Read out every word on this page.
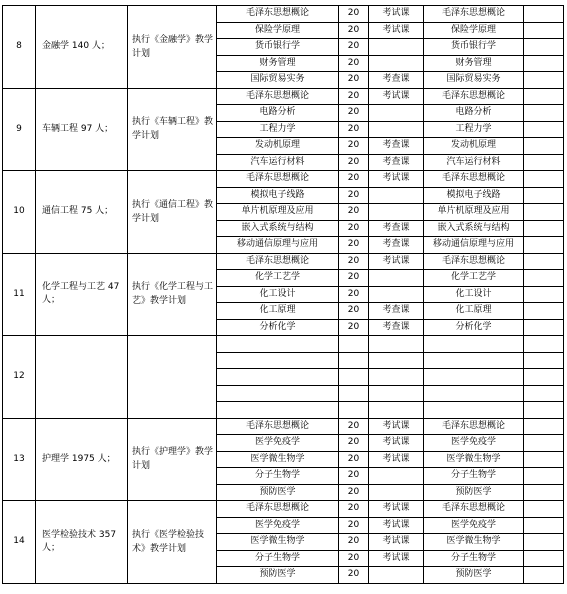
8	金融学 140 人；	执行《金融学》教学计划	毛泽东思想概论	20	考试课	毛泽东思想概论	
			保险学原理	20	考试课	保险学原理	
			货币银行学	20		货币银行学	
			财务管理	20		财务管理	
			国际贸易实务	20	考查课	国际贸易实务	
9	车辆工程 97 人；	执行《车辆工程》教学计划	毛泽东思想概论	20	考试课	毛泽东思想概论	
			电路分析	20		电路分析	
			工程力学	20		工程力学	
			发动机原理	20	考查课	发动机原理	
			汽车运行材料	20	考查课	汽车运行材料	
10	通信工程 75 人；	执行《通信工程》教学计划	毛泽东思想概论	20	考试课	毛泽东思想概论	
			模拟电子线路	20		模拟电子线路	
			单片机原理及应用	20		单片机原理及应用	
			嵌入式系统与结构	20	考查课	嵌入式系统与结构	
			移动通信原理与应用	20	考查课	移动通信原理与应用	
11	化学工程与工艺 47 人；	执行《化学工程与工艺》教学计划	毛泽东思想概论	20	考试课	毛泽东思想概论	
			化学工艺学	20		化学工艺学	
			化工设计	20		化工设计	
			化工原理	20	考查课	化工原理	
			分析化学	20	考查课	分析化学	
12							

13	护理学 1975 人；	执行《护理学》教学计划	毛泽东思想概论	20	考试课	毛泽东思想概论	
			医学免疫学	20	考试课	医学免疫学	
			医学微生物学	20	考试课	医学微生物学	
			分子生物学	20		分子生物学	
			预防医学	20		预防医学	
14	医学检验技术 357 人；	执行《医学检验技术》教学计划	毛泽东思想概论	20	考试课	毛泽东思想概论	
			医学免疫学	20	考试课	医学免疫学	
			医学微生物学	20	考试课	医学微生物学	
			分子生物学	20	考试课	分子生物学	
			预防医学	20		预防医学	
